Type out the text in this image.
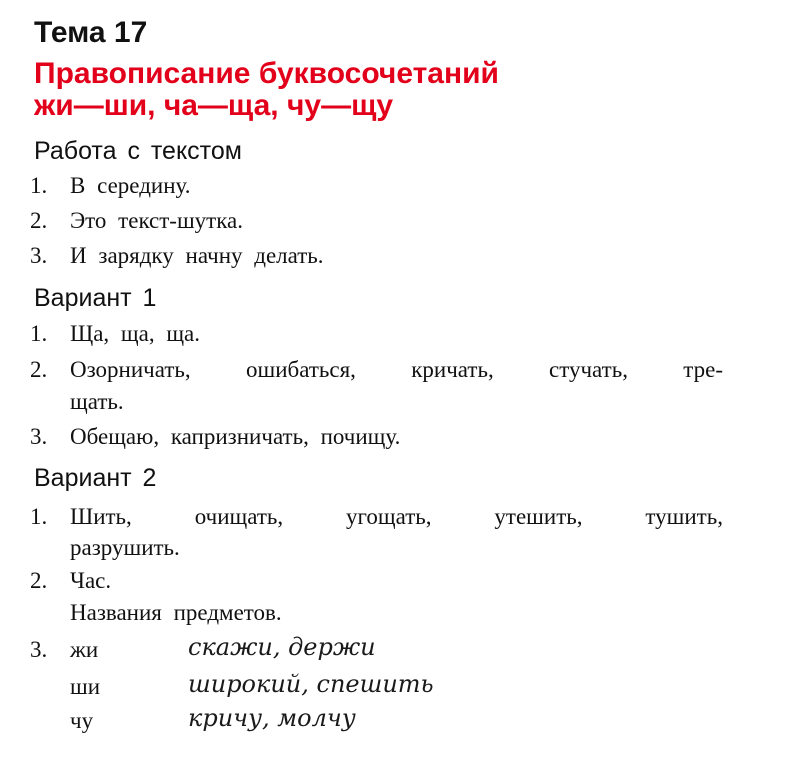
Тема 17
Правописание буквосочетаний
жи—ши, ча—ща, чу—щу
Работа с текстом
1. В середину.
2. Это текст-шутка.
3. И зарядку начну делать.
Вариант 1
1. Ща, ща, ща.
2. Озорничать, ошибаться, кричать, стучать, тре-
щать.
3. Обещаю, капризничать, почищу.
Вариант 2
1. Шить,	очищать,	угощать,	утешить,	тушить,
разрушить.
2. Час.
Названия предметов.
3. жи	скажи, держи
ши	широкий, спешить
чу	кричу, молчу
